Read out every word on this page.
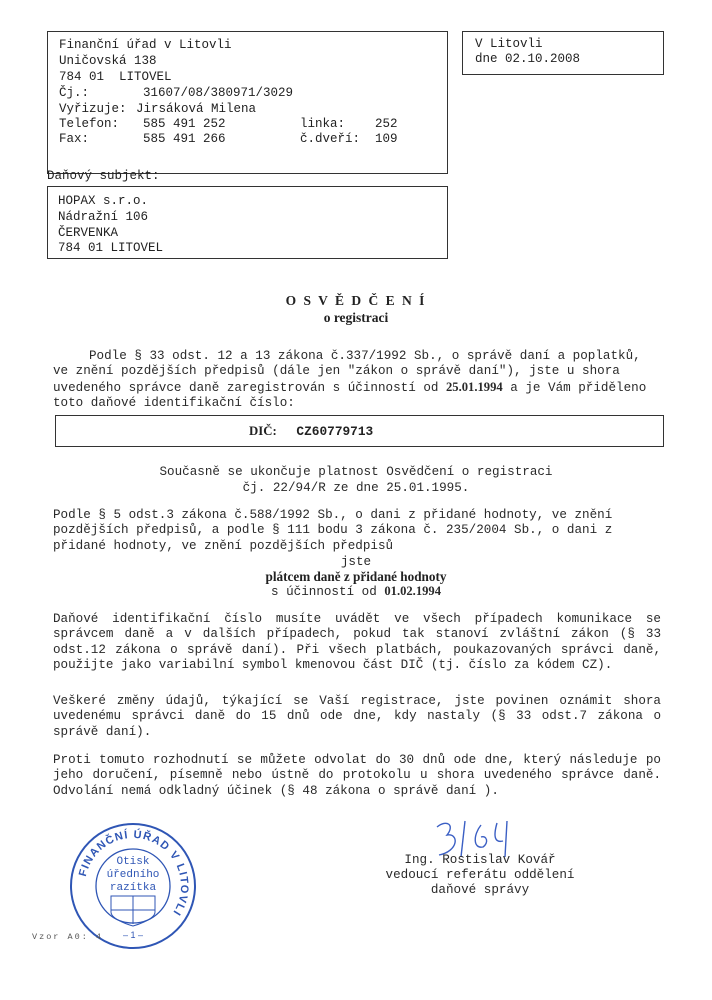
Finanční úřad v Litovli
Uničovská 138
784 01  LITOVEL
Čj.:	31607/08/380971/3029
Vyřizuje: Jirsáková Milena
Telefon: 585 491 252	linka: 252
Fax:	585 491 266	č.dveří: 109
V Litovli
dne 02.10.2008
Daňový subjekt:
HOPAX s.r.o.
Nádražní 106
ČERVENKA
784 01 LITOVEL
O S V Ě D Č E N Í
o registraci

Podle § 33 odst. 12 a 13 zákona č.337/1992 Sb., o správě daní a poplatků, ve znění pozdějších předpisů (dále jen "zákon o správě daní"), jste u shora uvedeného správce daně zaregistrován s účinností od 25.01.1994 a je Vám přiděleno toto daňové identifikační číslo:

DIČ: CZ60779713
Současně se ukončuje platnost Osvědčení o registraci
čj. 22/94/R ze dne 25.01.1995.

Podle § 5 odst.3 zákona č.588/1992 Sb., o dani z přidané hodnoty, ve znění pozdějších předpisů, a podle § 111 bodu 3 zákona č. 235/2004 Sb., o dani z přidané hodnoty, ve znění pozdějších předpisů

jste
plátcem daně z přidané hodnoty
s účinností od 01.02.1994

Daňové identifikační číslo musíte uvádět ve všech případech komunikace se správcem daně a v dalších případech, pokud tak stanoví zvláštní zákon (§ 33 odst.12 zákona o správě daní). Při všech platbách, poukazovaných správci daně, použijte jako variabilní symbol kmenovou část DIČ (tj. číslo za kódem CZ).

Veškeré změny údajů, týkající se Vaší registrace, jste povinen oznámit shora uvedenému správci daně do 15 dnů ode dne, kdy nastaly (§ 33 odst.7 zákona o správě daní).

Proti tomuto rozhodnutí se můžete odvolat do 30 dnů ode dne, který následuje po jeho doručení, písemně nebo ústně do protokolu u shora uvedeného správce daně. Odvolání nemá odkladný účinek (§ 48 zákona o správě daní ).

Ing. Rostislav Kovář
vedoucí referátu oddělení
daňové správy
FINANČNÍ ÚŘAD V LITOVLI
Otisk
úředního
razítka
– 1 –
Vzor A0: 4
